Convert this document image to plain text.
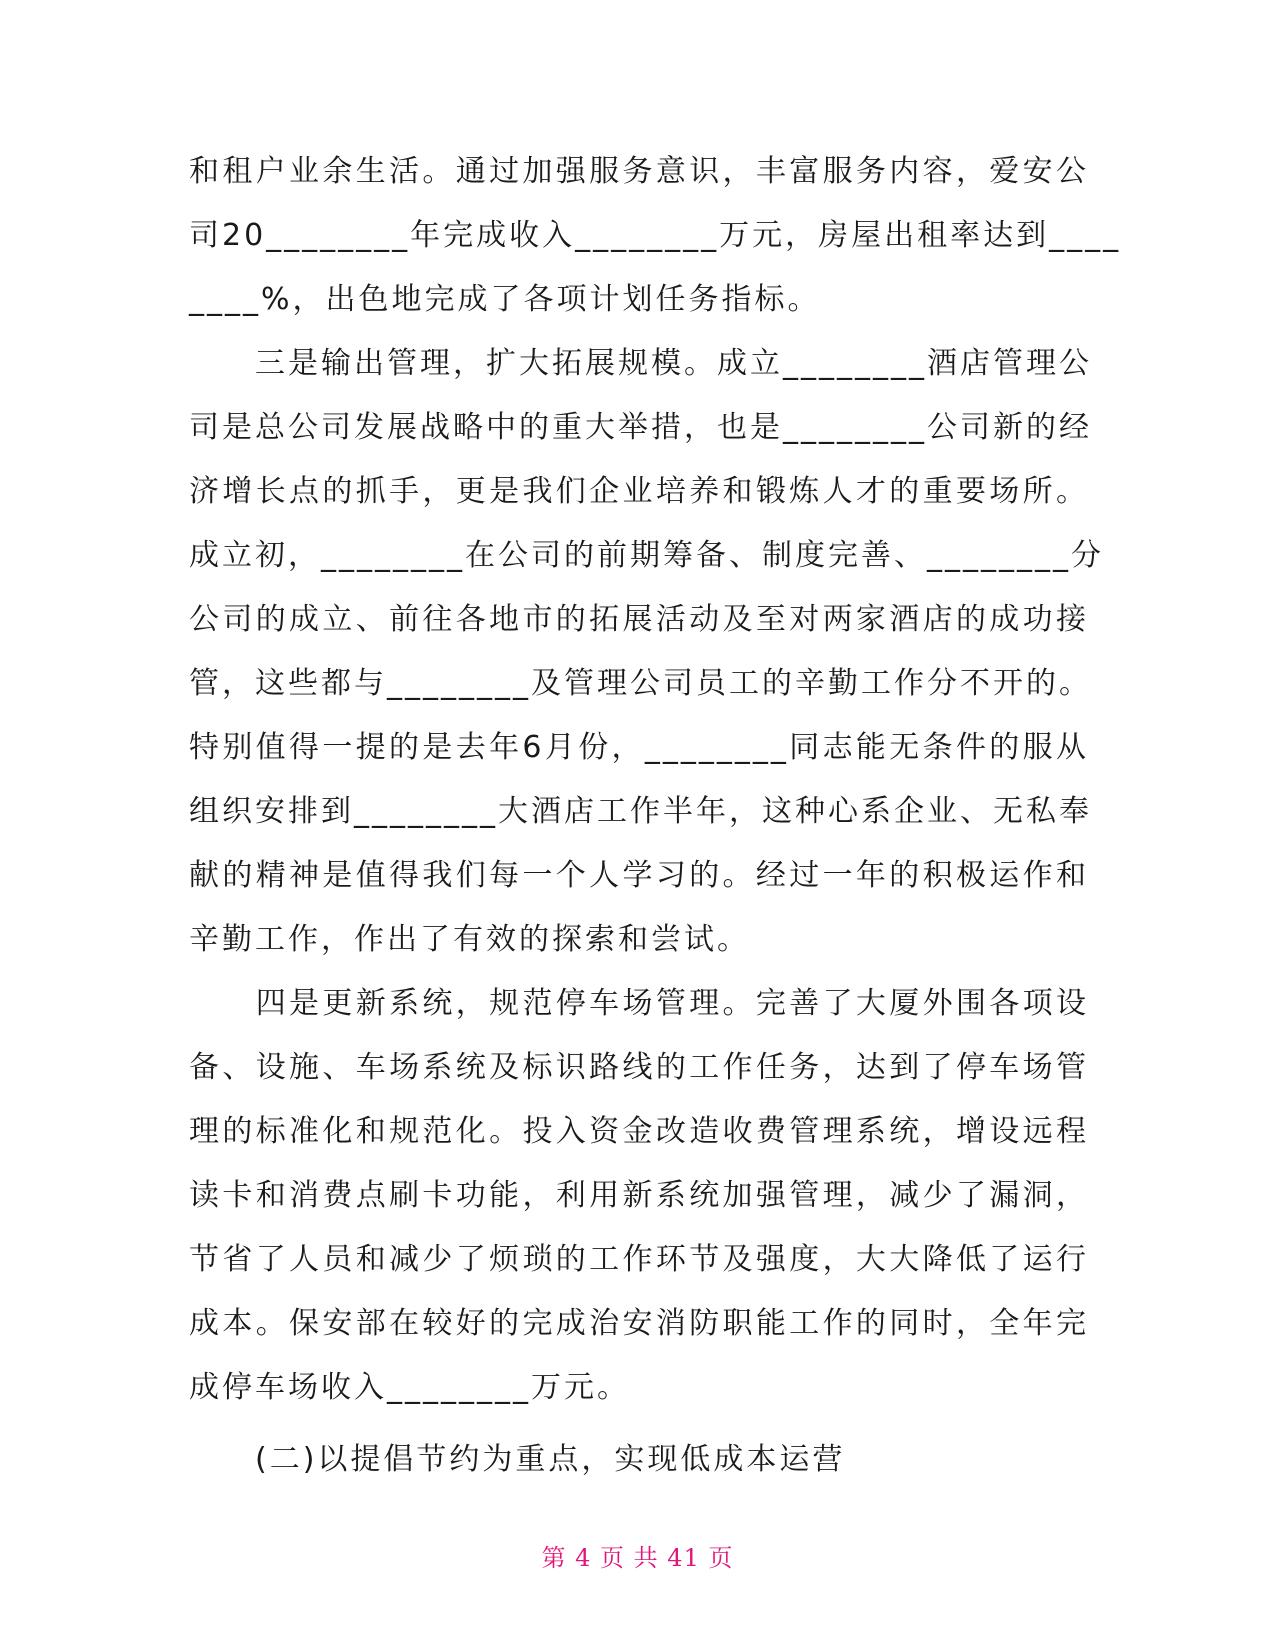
和租户业余生活。通过加强服务意识，丰富服务内容，爱安公
司20________年完成收入________万元，房屋出租率达到____
____%，出色地完成了各项计划任务指标。
　　三是输出管理，扩大拓展规模。成立________酒店管理公
司是总公司发展战略中的重大举措，也是________公司新的经
济增长点的抓手，更是我们企业培养和锻炼人才的重要场所。
成立初，________在公司的前期筹备、制度完善、________分
公司的成立、前往各地市的拓展活动及至对两家酒店的成功接
管，这些都与________及管理公司员工的辛勤工作分不开的。
特别值得一提的是去年6月份，________同志能无条件的服从
组织安排到________大酒店工作半年，这种心系企业、无私奉
献的精神是值得我们每一个人学习的。经过一年的积极运作和
辛勤工作，作出了有效的探索和尝试。
　　四是更新系统，规范停车场管理。完善了大厦外围各项设
备、设施、车场系统及标识路线的工作任务，达到了停车场管
理的标准化和规范化。投入资金改造收费管理系统，增设远程
读卡和消费点刷卡功能，利用新系统加强管理，减少了漏洞，
节省了人员和减少了烦琐的工作环节及强度，大大降低了运行
成本。保安部在较好的完成治安消防职能工作的同时，全年完
成停车场收入________万元。
　　(二)以提倡节约为重点，实现低成本运营
第 4 页 共 41 页
